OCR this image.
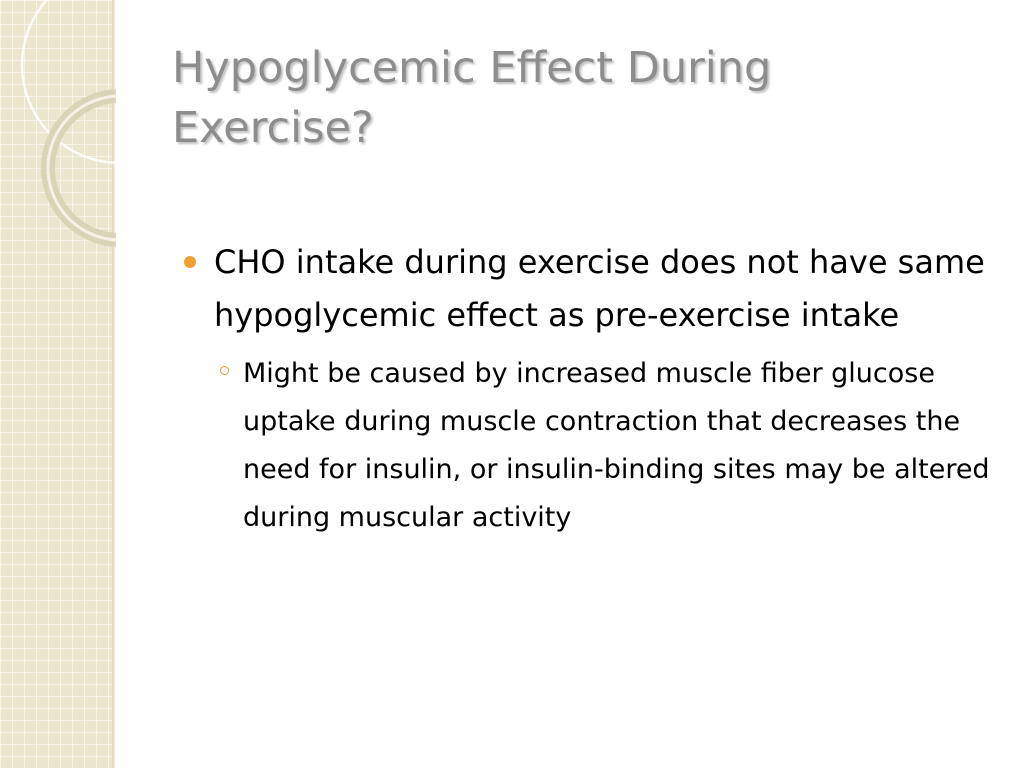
Hypoglycemic Effect During Exercise?
CHO intake during exercise does not have same hypoglycemic effect as pre-exercise intake
Might be caused by increased muscle fiber glucose uptake during muscle contraction that decreases the need for insulin, or insulin-binding sites may be altered during muscular activity
